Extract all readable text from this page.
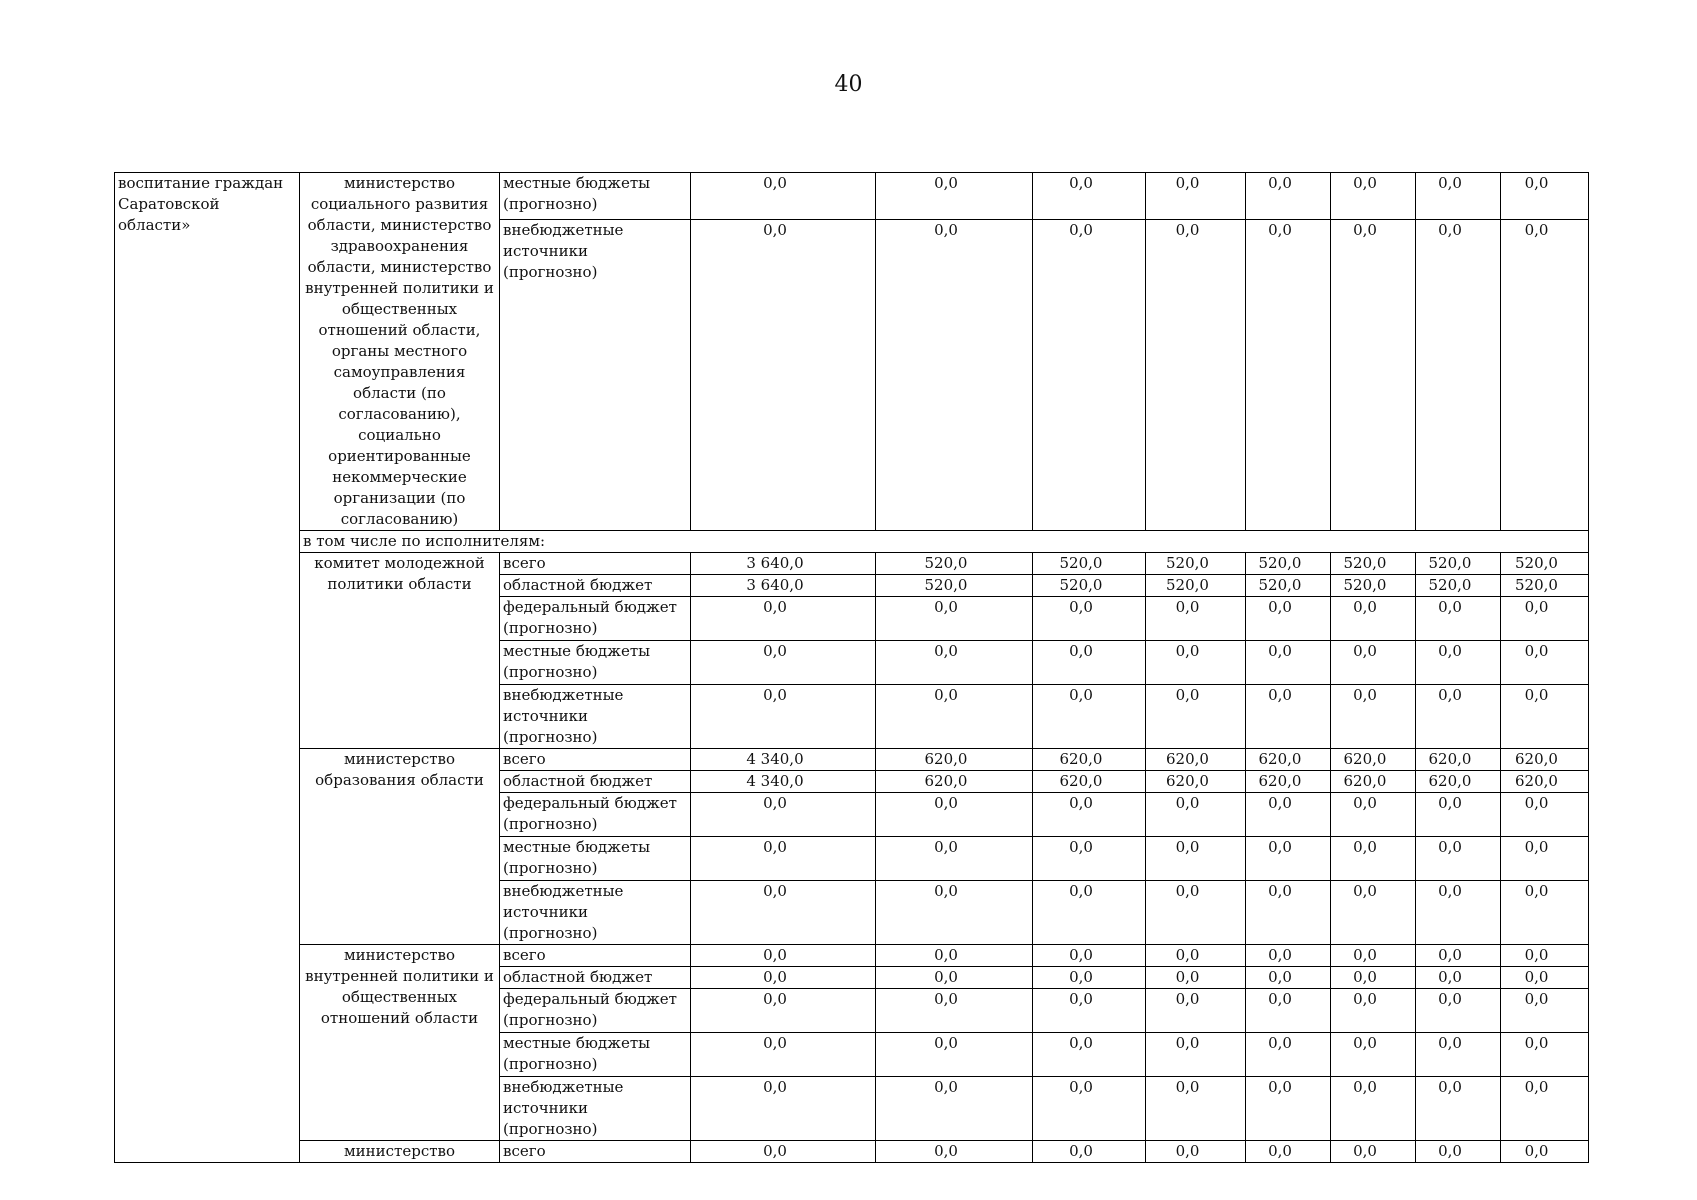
40
воспитание граждан Саратовской области»	министерство социального развития области, министерство здравоохранения области, министерство внутренней политики и общественных отношений области, органы местного самоуправления области (по согласованию), социально ориентированные некоммерческие организации (по согласованию)	местные бюджеты (прогнозно)	0,0	0,0	0,0	0,0	0,0	0,0	0,0	0,0
		внебюджетные источники (прогнозно)	0,0	0,0	0,0	0,0	0,0	0,0	0,0	0,0
	в том числе по исполнителям:									
	комитет молодежной политики области	всего	3 640,0	520,0	520,0	520,0	520,0	520,0	520,0	520,0
		областной бюджет	3 640,0	520,0	520,0	520,0	520,0	520,0	520,0	520,0
		федеральный бюджет (прогнозно)	0,0	0,0	0,0	0,0	0,0	0,0	0,0	0,0
		местные бюджеты (прогнозно)	0,0	0,0	0,0	0,0	0,0	0,0	0,0	0,0
		внебюджетные источники (прогнозно)	0,0	0,0	0,0	0,0	0,0	0,0	0,0	0,0
	министерство образования области	всего	4 340,0	620,0	620,0	620,0	620,0	620,0	620,0	620,0
		областной бюджет	4 340,0	620,0	620,0	620,0	620,0	620,0	620,0	620,0
		федеральный бюджет (прогнозно)	0,0	0,0	0,0	0,0	0,0	0,0	0,0	0,0
		местные бюджеты (прогнозно)	0,0	0,0	0,0	0,0	0,0	0,0	0,0	0,0
		внебюджетные источники (прогнозно)	0,0	0,0	0,0	0,0	0,0	0,0	0,0	0,0
	министерство внутренней политики и общественных отношений области	всего	0,0	0,0	0,0	0,0	0,0	0,0	0,0	0,0
		областной бюджет	0,0	0,0	0,0	0,0	0,0	0,0	0,0	0,0
		федеральный бюджет (прогнозно)	0,0	0,0	0,0	0,0	0,0	0,0	0,0	0,0
		местные бюджеты (прогнозно)	0,0	0,0	0,0	0,0	0,0	0,0	0,0	0,0
		внебюджетные источники (прогнозно)	0,0	0,0	0,0	0,0	0,0	0,0	0,0	0,0
	министерство	всего	0,0	0,0	0,0	0,0	0,0	0,0	0,0	0,0
